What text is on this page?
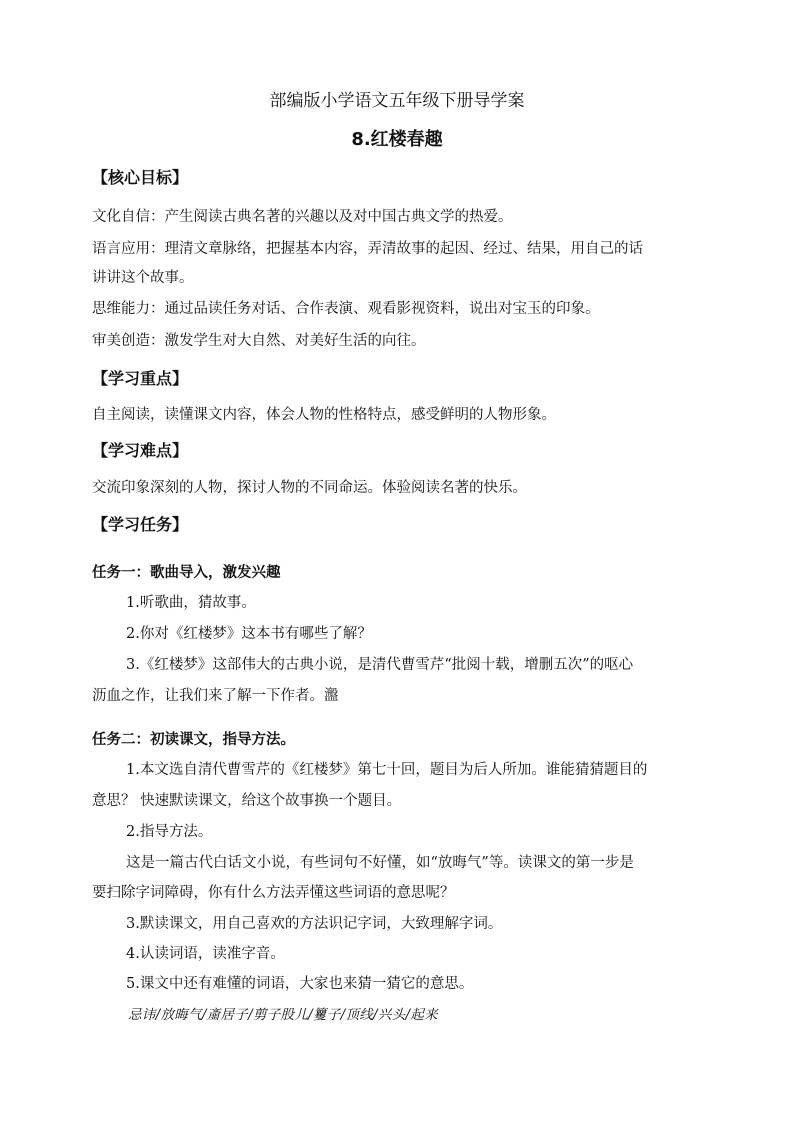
部编版小学语文五年级下册导学案
8.红楼春趣
【核心目标】
文化自信：产生阅读古典名著的兴趣以及对中国古典文学的热爱。
语言应用：理清文章脉络，把握基本内容，弄清故事的起因、经过、结果，用自己的话
讲讲这个故事。
思维能力：通过品读任务对话、合作表演、观看影视资料，说出对宝玉的印象。
审美创造：激发学生对大自然、对美好生活的向往。
【学习重点】
自主阅读，读懂课文内容，体会人物的性格特点，感受鲜明的人物形象。
【学习难点】
交流印象深刻的人物，探讨人物的不同命运。体验阅读名著的快乐。
【学习任务】
任务一：歌曲导入，激发兴趣
1.听歌曲，猜故事。
2.你对《红楼梦》这本书有哪些了解？
3.《红楼梦》这部伟大的古典小说，是清代曹雪芹“批阅十载，增删五次”的呕心
沥血之作，让我们来了解一下作者。瀊
任务二：初读课文，指导方法。
1.本文选自清代曹雪芹的《红楼梦》第七十回，题目为后人所加。谁能猜猜题目的
意思？ 快速默读课文，给这个故事换一个题目。
2.指导方法。
这是一篇古代白话文小说，有些词句不好懂，如“放晦气”等。读课文的第一步是
要扫除字词障碍，你有什么方法弄懂这些词语的意思呢？
3.默读课文，用自己喜欢的方法识记字词，大致理解字词。
4.认读词语，读准字音。
5.课文中还有难懂的词语，大家也来猜一猜它的意思。
忌讳/放晦气/齑居子/剪子股儿/籰子/顶线/兴头/起来
